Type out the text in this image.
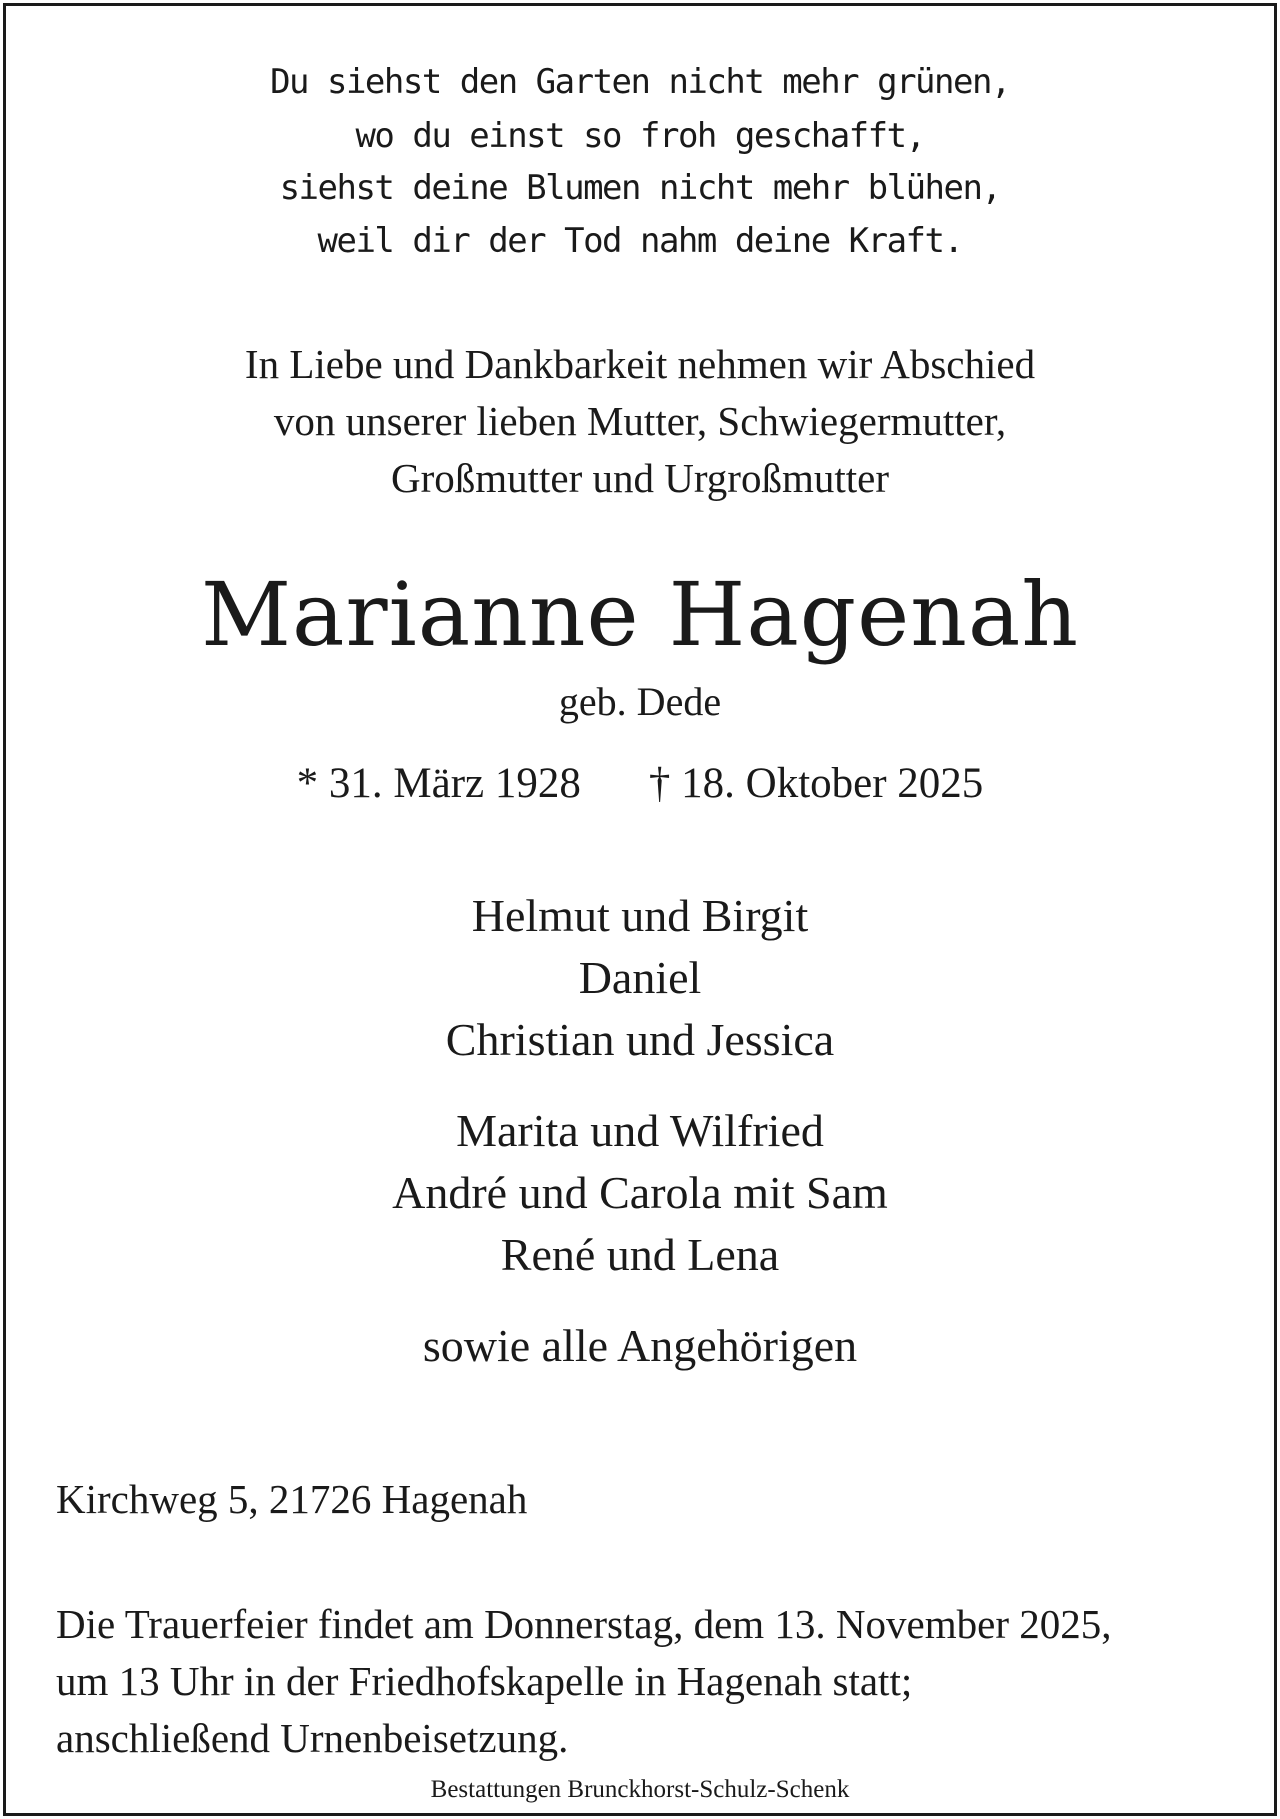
Du siehst den Garten nicht mehr grünen,
wo du einst so froh geschafft,
siehst deine Blumen nicht mehr blühen,
weil dir der Tod nahm deine Kraft.
In Liebe und Dankbarkeit nehmen wir Abschied
von unserer lieben Mutter, Schwiegermutter,
Großmutter und Urgroßmutter
Marianne Hagenah
geb. Dede
* 31. März 1928 † 18. Oktober 2025
Helmut und Birgit
Daniel
Christian und Jessica
Marita und Wilfried
André und Carola mit Sam
René und Lena
sowie alle Angehörigen
Kirchweg 5, 21726 Hagenah
Die Trauerfeier findet am Donnerstag, dem 13. November 2025,
um 13 Uhr in der Friedhofskapelle in Hagenah statt;
anschließend Urnenbeisetzung.
Bestattungen Brunckhorst-Schulz-Schenk
